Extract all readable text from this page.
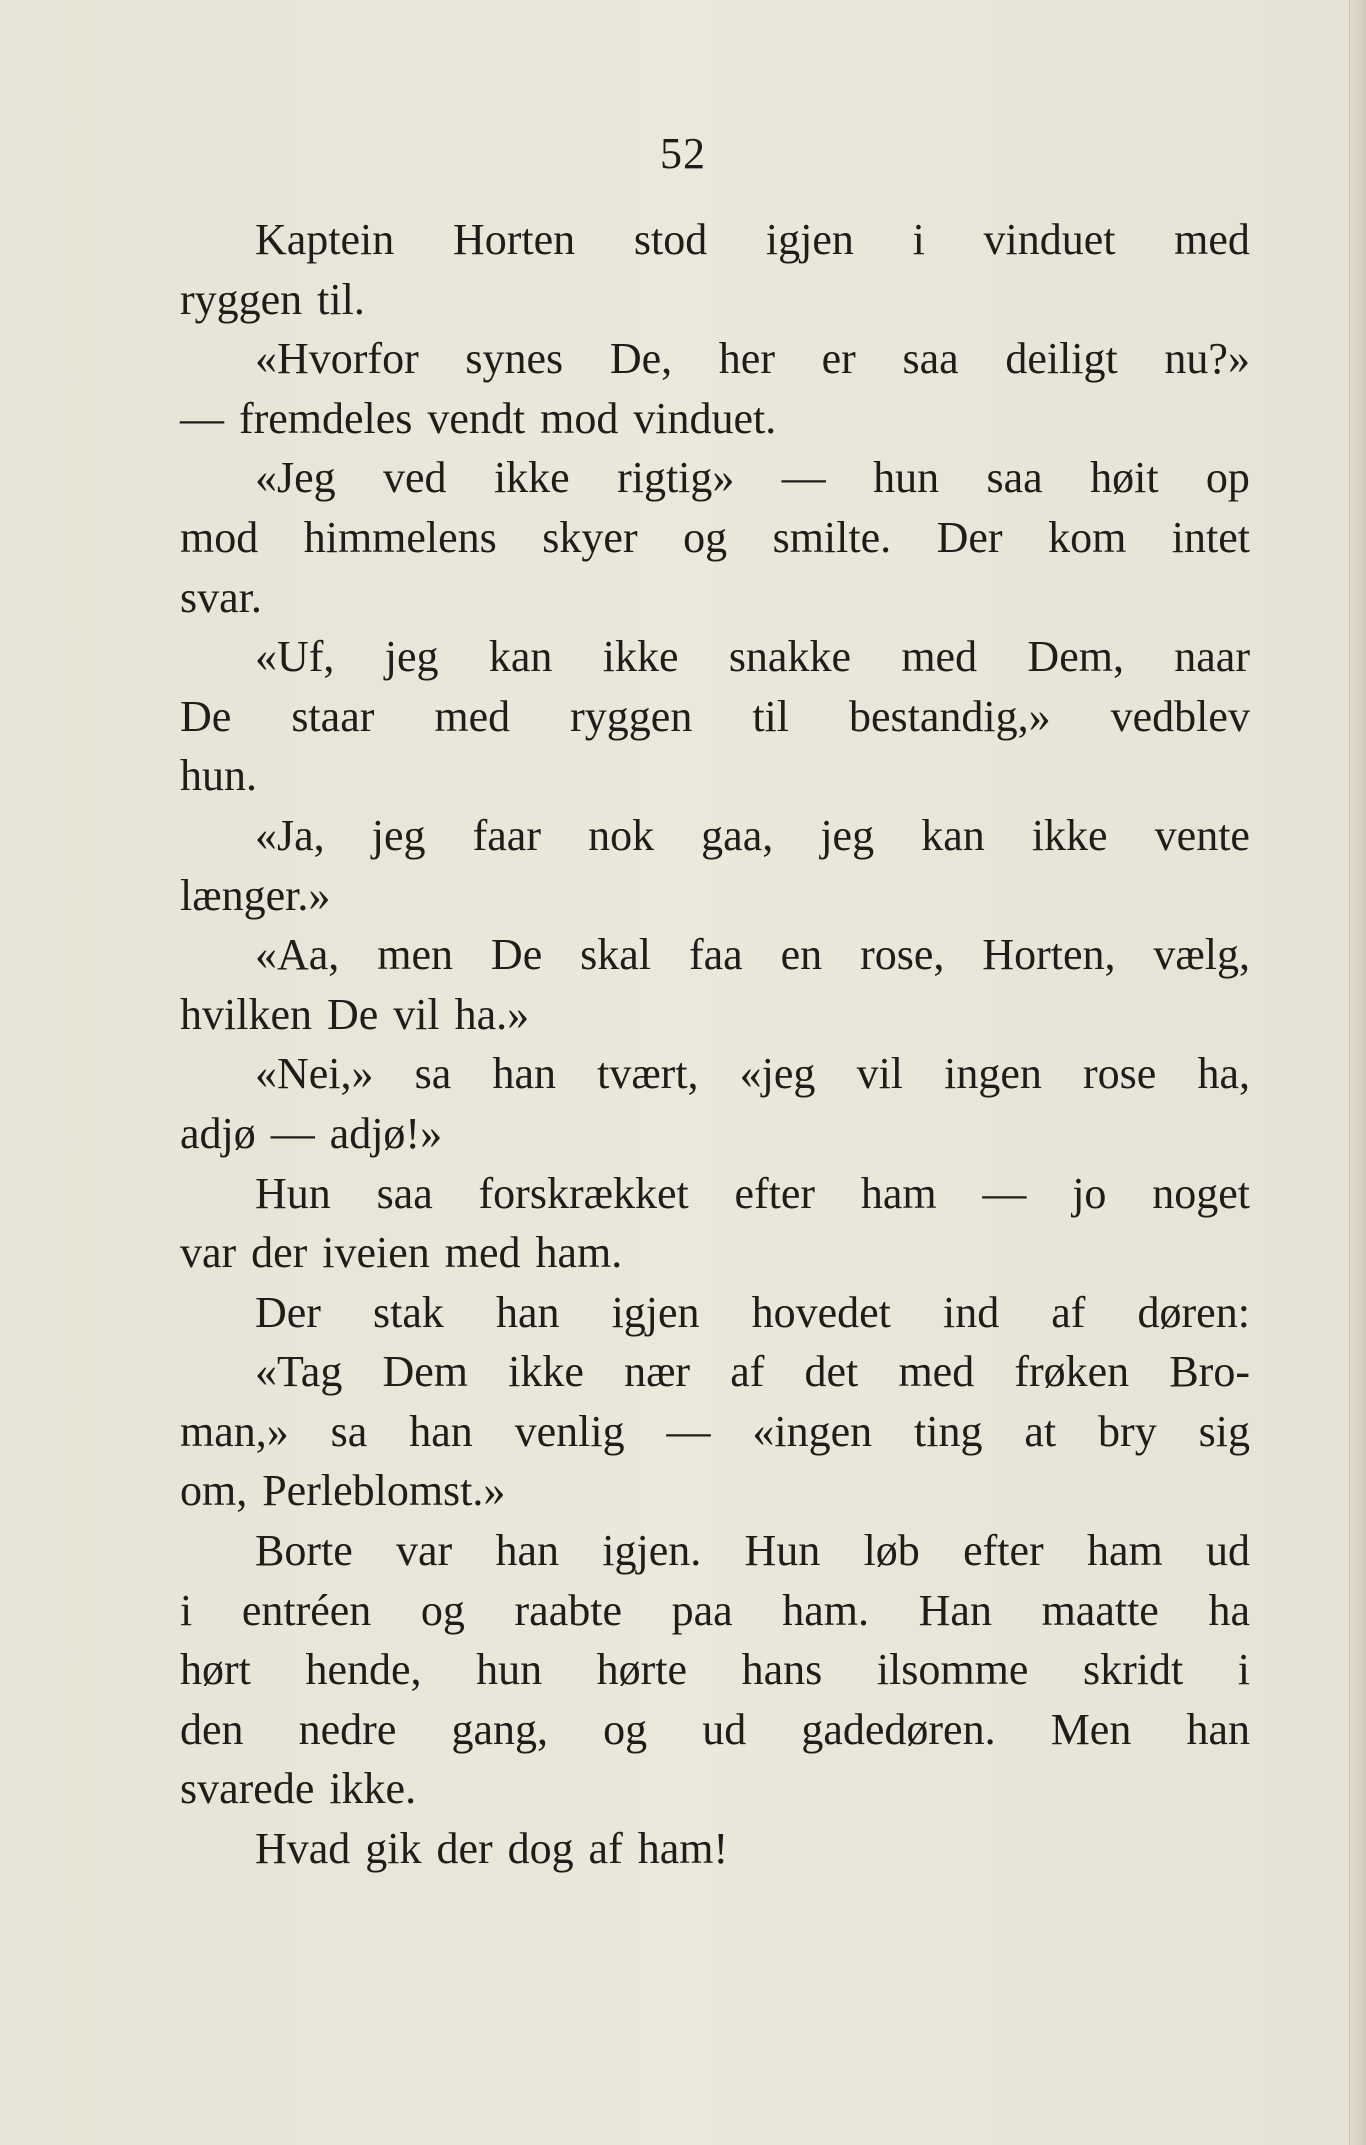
52
Kaptein Horten stod igjen i vinduet med
ryggen til.
«Hvorfor synes De, her er saa deiligt nu?»
— fremdeles vendt mod vinduet.
«Jeg ved ikke rigtig» — hun saa høit op
mod himmelens skyer og smilte. Der kom intet
svar.
«Uf, jeg kan ikke snakke med Dem, naar
De staar med ryggen til bestandig,» vedblev
hun.
«Ja, jeg faar nok gaa, jeg kan ikke vente
længer.»
«Aa, men De skal faa en rose, Horten, vælg,
hvilken De vil ha.»
«Nei,» sa han tvært, «jeg vil ingen rose ha,
adjø — adjø!»
Hun saa forskrækket efter ham — jo noget
var der iveien med ham.
Der stak han igjen hovedet ind af døren:
«Tag Dem ikke nær af det med frøken Bro-
man,» sa han venlig — «ingen ting at bry sig
om, Perleblomst.»
Borte var han igjen. Hun løb efter ham ud
i entréen og raabte paa ham. Han maatte ha
hørt hende, hun hørte hans ilsomme skridt i
den nedre gang, og ud gadedøren. Men han
svarede ikke.
Hvad gik der dog af ham!
